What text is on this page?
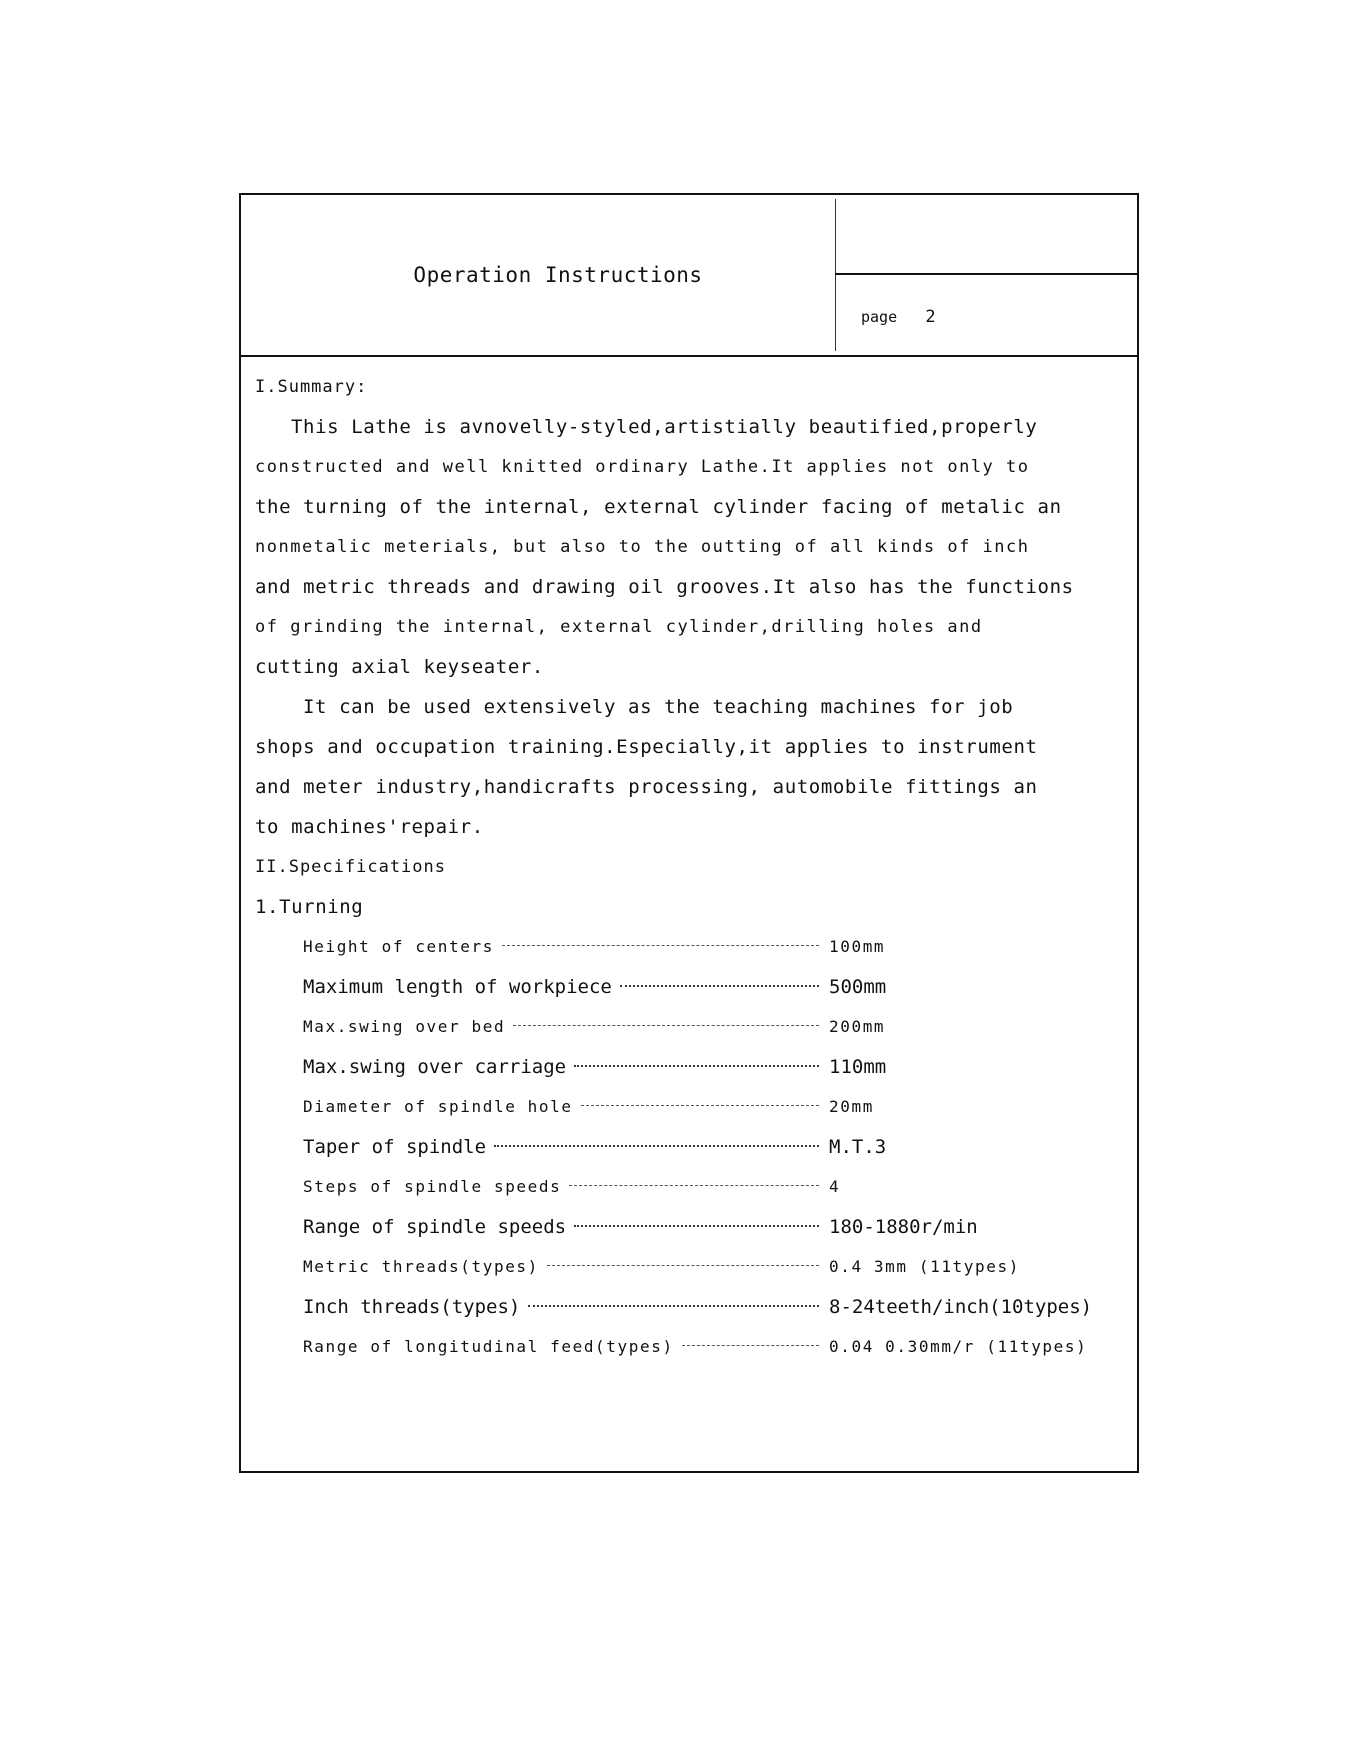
Operation Instructions
page 2
I.Summary:
This Lathe is avnovelly-styled,artistially beautified,properly
constructed and well knitted ordinary Lathe.It applies not only to
the turning of the internal, external cylinder facing of metalic an
nonmetalic meterials, but also to the outting of all kinds of inch
and metric threads and drawing oil grooves.It also has the functions
of grinding the internal, external cylinder,drilling holes and
cutting axial keyseater.
It can be used extensively as the teaching machines for job
shops and occupation training.Especially,it applies to instrument
and meter industry,handicrafts processing, automobile fittings an
to machines'repair.
II.Specifications
1.Turning
Height of centers	100mm
Maximum length of workpiece	500mm
Max.swing over bed	200mm
Max.swing over carriage	110mm
Diameter of spindle hole	20mm
Taper of spindle	M.T.3
Steps of spindle speeds	4
Range of spindle speeds	180-1880r/min
Metric threads(types)	0.4 3mm (11types)
Inch threads(types)	8-24teeth/inch(10types)
Range of longitudinal feed(types)	0.04 0.30mm/r (11types)
